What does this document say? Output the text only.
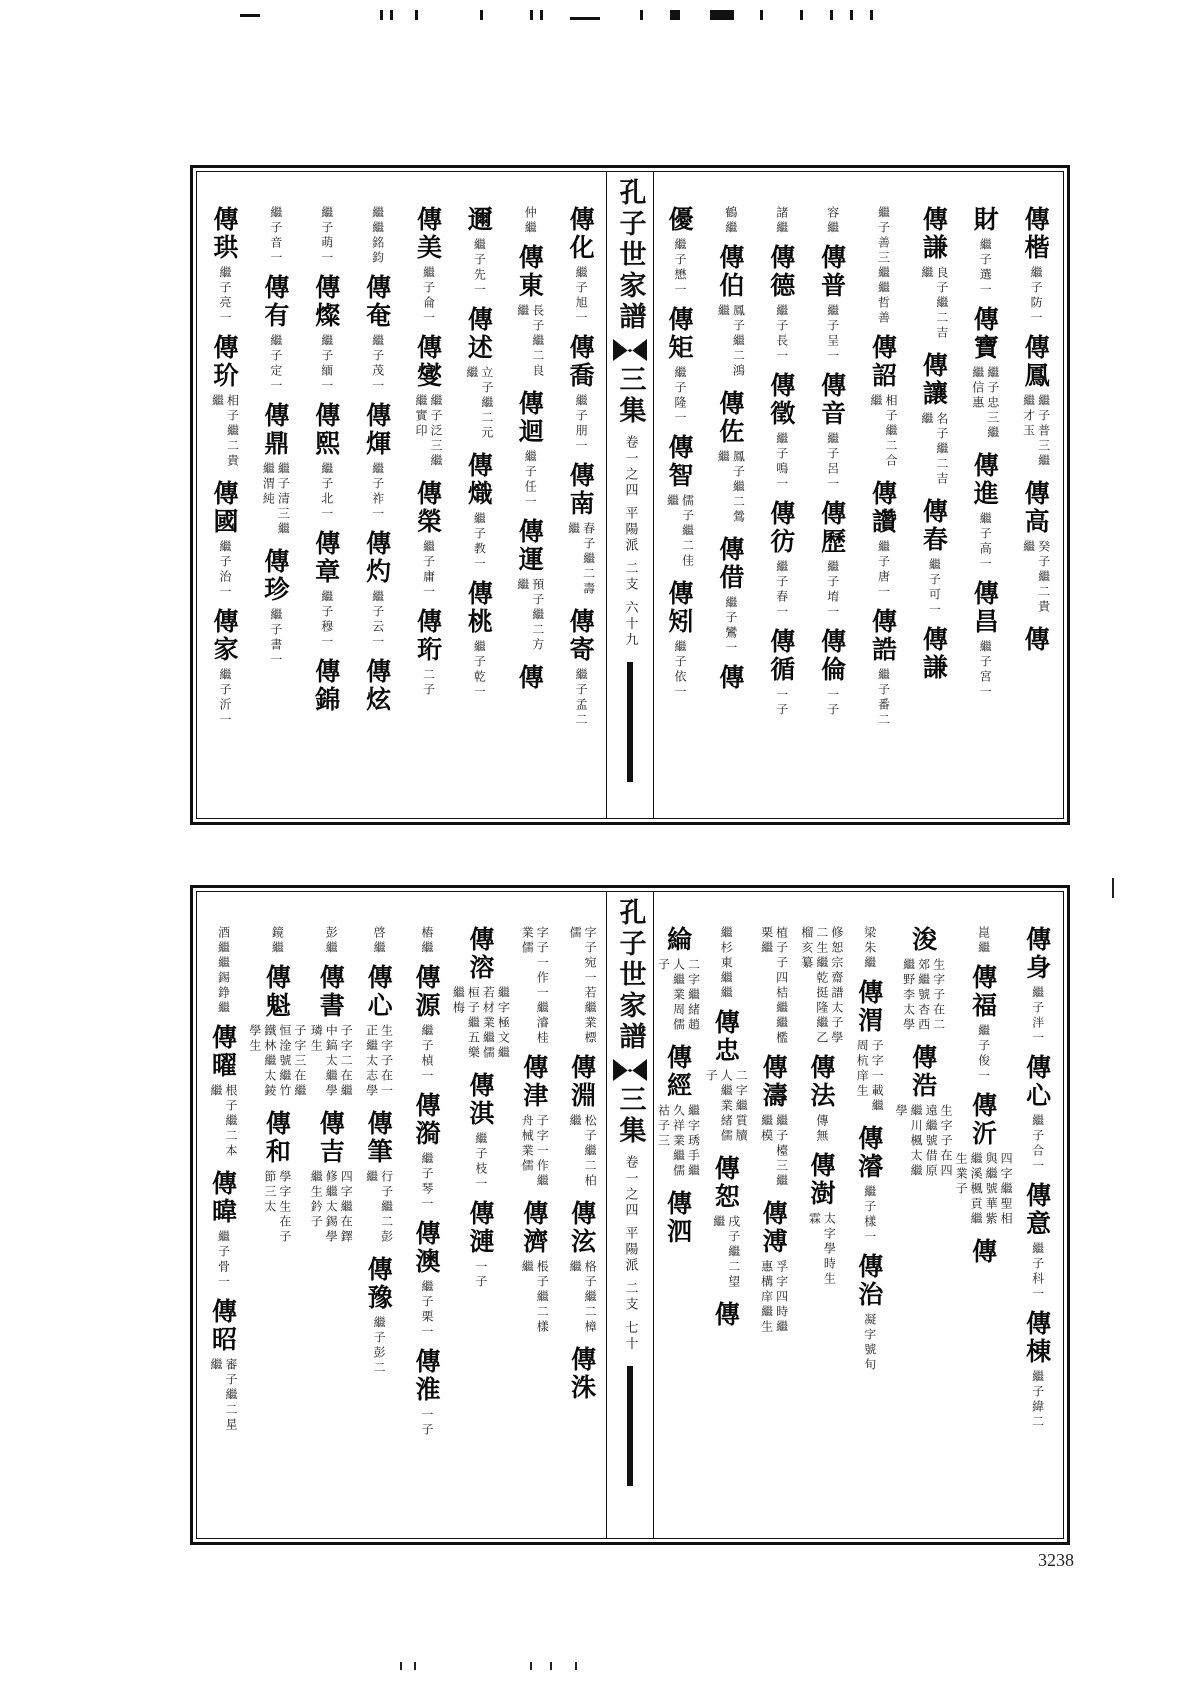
傳楷
繼子防一
傳鳳
繼子普三繼繼才玉
傳高
癸子繼二貴繼
傳
財
繼子選一
傳寶
繼子忠三繼繼信惠
傳進
繼子高一
傳昌
繼子宮一
傳謙
良子繼二吉繼
傳讓
名子繼二吉繼
傳春
繼子可一
傳謙
繼子善三繼繼哲善
傳詔
相子繼二合繼
傳讚
繼子唐一
傳誥
繼子番二
容繼
傳普
繼子呈一
傳音
繼子呂一
傳歷
繼子堉一
傳倫
一子
諸繼
傳德
繼子長一
傳徵
繼子鳴一
傳彷
繼子春一
傳循
一子
鶴繼
傳伯
鳳子繼二鴻繼
傳佐
鳳子繼二鶯繼
傳借
繼子鸞一
傳
優
繼子懋一
傳矩
繼子隆一
傳智
儒子繼二佳繼
傳矧
繼子依一
孔子世家譜
三集
卷一之四 平陽派 二支 六十九
傳化
繼子旭一
傳喬
繼子朋一
傳南
春子繼二壽繼
傳寄
繼子孟二
仲繼
傳東
長子繼二良繼
傳迴
繼子任一
傳運
預子繼二方繼
傳
邇
繼子先一
傳述
立子繼二元繼
傳熾
繼子教一
傳桃
繼子乾一
傳美
繼子侖一
傳燮
繼子泛三繼繼實印
傳榮
繼子庸一
傳珩
二子
繼繼銘鈞
傳奄
繼子茂一
傳煇
繼子祚一
傳灼
繼子云一
傳炫
繼子萌一
傳燦
繼子緬一
傳熙
繼子北一
傳章
繼子穆一
傳錦
繼子音一
傳有
繼子定一
傳鼎
繼子清三繼繼渭純
傳珍
繼子書一
傳珙
繼子亮一
傳玠
相子繼二貴繼
傳國
繼子治一
傳家
繼子沂一
傳身
繼子泮一
傳心
繼子合一
傳意
繼子科一
傳棟
繼子緯二
崑繼
傳福
繼子俊一
傳沂
四字繼聖相與繼號華紫繼溪楓貢繼生業子
傳
浚
生字子在二郊繼號杏西繼野李太學
傳浩
生字子在四遠繼號借原繼川楓太繼學
梁朱繼
傳渭
子字一載繼周杭庠生
傳濬
繼子樣一
傳治
凝字號旬
修恕宗齋譜太子學二生繼乾挺隆繼乙榴亥纂
傳法
傳無
傳澍
太字學時生霖
植子子四桔繼繼檻栗繼
傳濤
繼子檯三繼繼模
傳溥
孚字四時繼惠構庠繼生
繼杉東繼繼
傳忠
二字繼質牘人繼業緒儒子
傳恕
戌子繼二望繼
傳
綸
二字繼緒趙人繼業周儒子
傳經
繼字琇手繼久祥業繼儒祜子三
傳泗
孔子世家譜
三集
卷一之四 平陽派 二支 七十
字子宛一若繼業標儒
傳淵
松子繼二柏繼
傳泫
格子繼二樟繼
傳洙
字子一作一繼濬桂業儒
傳津
子字一作繼舟械業儒
傳濟
棖子繼二樣繼
傳溶
繼字極文繼若材業繼儒桓子繼五樂繼梅
傳淇
繼子枝一
傳漣
一子
樁繼
傳源
繼子楨一
傳漪
繼子琴一
傳澳
繼子栗一
傳淮
一子
啓繼
傳心
生字子在一正繼太志學
傳筆
行子繼二彭繼
傳豫
繼子彭二
彭繼
傳書
子字二在繼中鎬太繼學璘生
傳吉
四字繼在鐸修繼太錫學繼生鈐子
鏡繼
傳魁
子字三在繼恒淦號繼竹鐵林繼太錂學生
傳和
學字生在子節三太
酒繼繼錫錚繼
傳曜
根子繼二本繼
傳暐
繼子骨一
傳昭
審子繼二星繼
3238
